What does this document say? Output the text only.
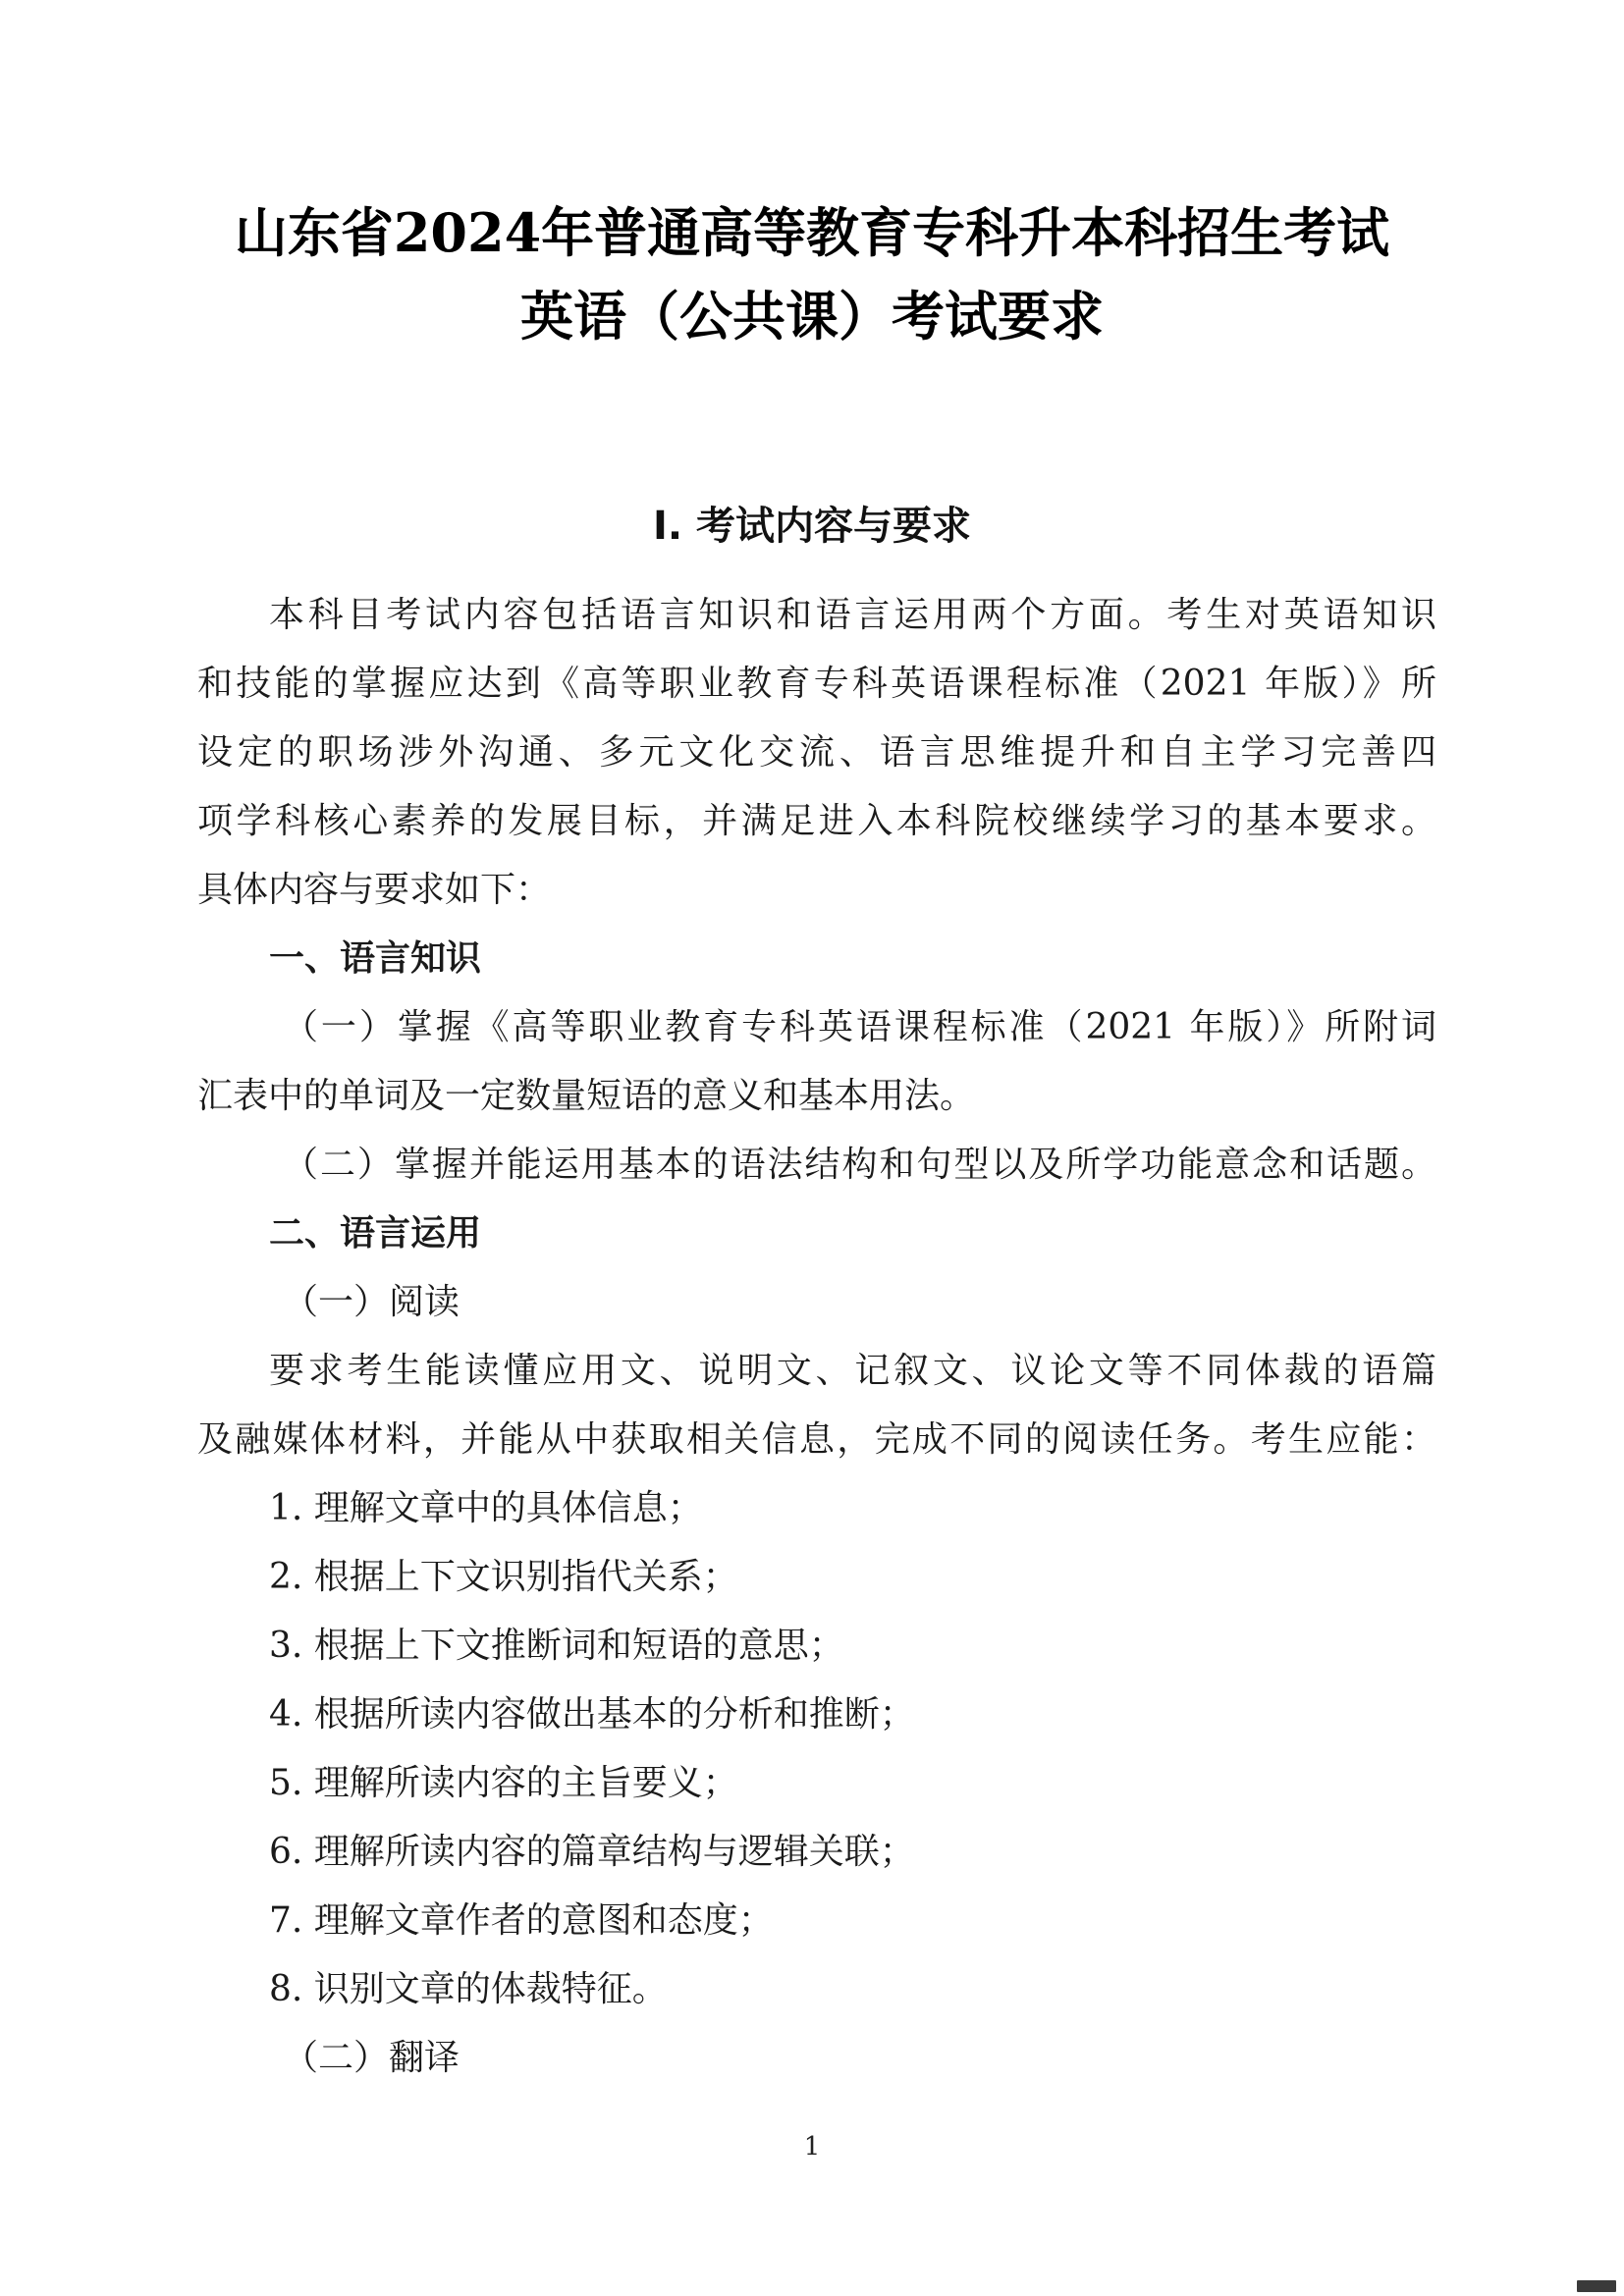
山东省2024年普通高等教育专科升本科招生考试
英语（公共课）考试要求
Ⅰ. 考试内容与要求
本科目考试内容包括语言知识和语言运用两个方面。考生对英语知识
和技能的掌握应达到《高等职业教育专科英语课程标准（2021 年版）》所
设定的职场涉外沟通、多元文化交流、语言思维提升和自主学习完善四
项学科核心素养的发展目标，并满足进入本科院校继续学习的基本要求。
具体内容与要求如下：
一、语言知识
（一）掌握《高等职业教育专科英语课程标准（2021 年版）》所附词
汇表中的单词及一定数量短语的意义和基本用法。
（二）掌握并能运用基本的语法结构和句型以及所学功能意念和话题。
二、语言运用
（一）阅读
要求考生能读懂应用文、说明文、记叙文、议论文等不同体裁的语篇
及融媒体材料，并能从中获取相关信息，完成不同的阅读任务。考生应能：
1. 理解文章中的具体信息；
2. 根据上下文识别指代关系；
3. 根据上下文推断词和短语的意思；
4. 根据所读内容做出基本的分析和推断；
5. 理解所读内容的主旨要义；
6. 理解所读内容的篇章结构与逻辑关联；
7. 理解文章作者的意图和态度；
8. 识别文章的体裁特征。
（二）翻译
1
